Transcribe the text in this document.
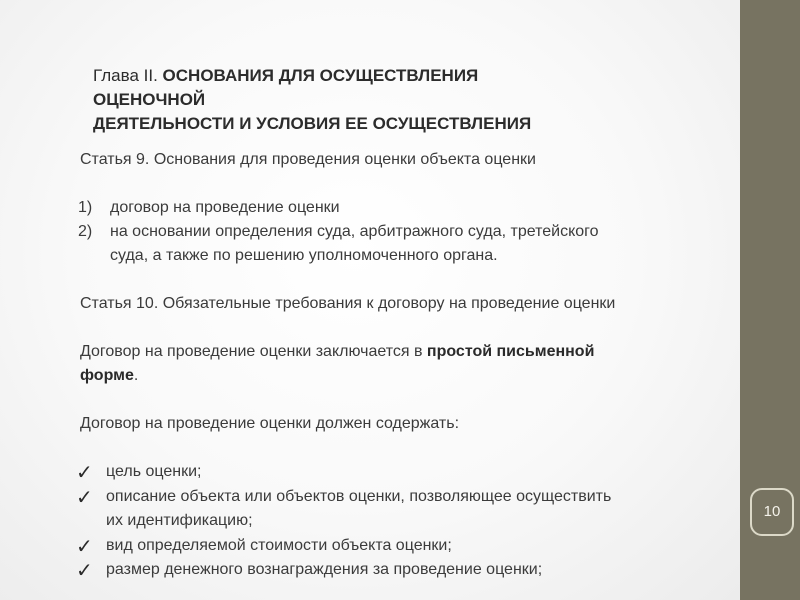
10
Глава II. ОСНОВАНИЯ ДЛЯ ОСУЩЕСТВЛЕНИЯ
ОЦЕНОЧНОЙ
ДЕЯТЕЛЬНОСТИ И УСЛОВИЯ ЕЕ ОСУЩЕСТВЛЕНИЯ
Статья 9. Основания для проведения оценки объекта оценки
1) договор на проведение оценки
2) на основании определения суда, арбитражного суда, третейского
суда, а также по решению уполномоченного органа.
Статья 10. Обязательные требования к договору на проведение оценки
Договор на проведение оценки заключается в простой письменной
форме.
Договор на проведение оценки должен содержать:
✓ цель оценки;
✓ описание объекта или объектов оценки, позволяющее осуществить
их идентификацию;
✓ вид определяемой стоимости объекта оценки;
✓ размер денежного вознаграждения за проведение оценки;
